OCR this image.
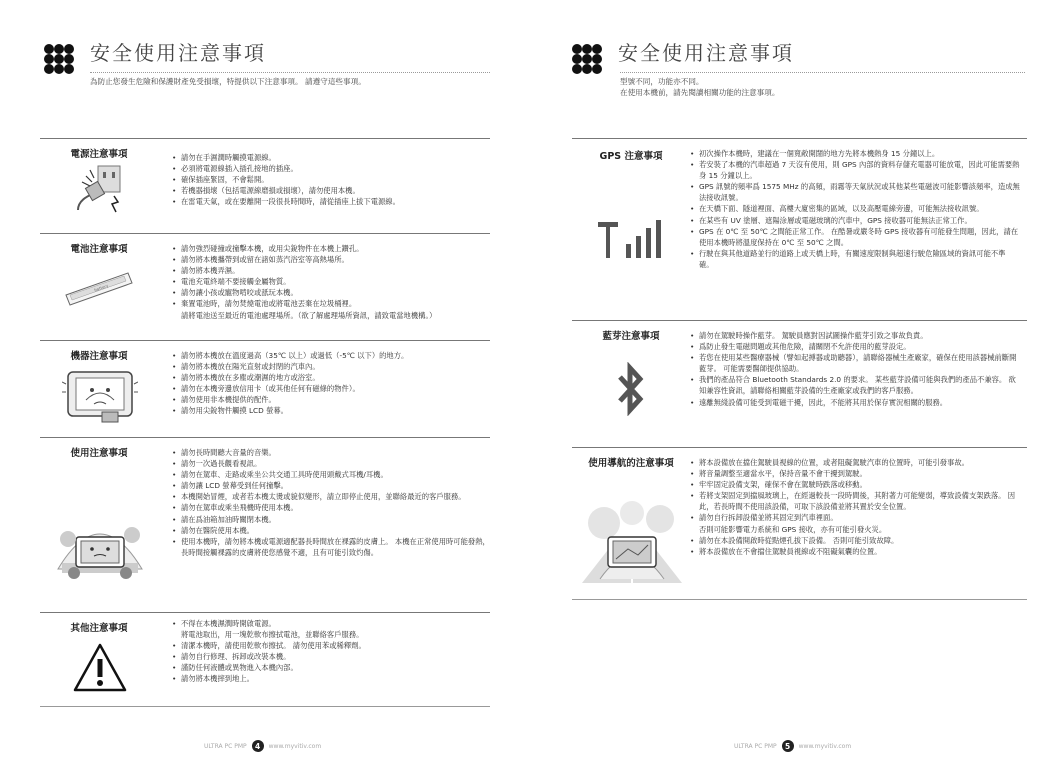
安全使用注意事項
為防止您發生危險和保護財產免受損壞，特提供以下注意事項。 請遵守這些事項。
電源注意事項	• 請勿在手濕潤時觸摸電源線。
• 必須將電源線插入插孔接地的插座。
• 確保插座緊固，不會鬆開。
• 若機器損壞（包括電源線磨損或損壞），請勿使用本機。
• 在雷電天氣，或在要離開一段很長時間時，請從插座上拔下電源線。
電池注意事項
battery
• 請勿強烈碰撞或撞擊本機，或用尖銳物件在本機上鑽孔。
• 請勿將本機攜帶到或留在諸如蒸汽浴室等高熱場所。
• 請勿將本機弄濕。
• 電池充電終端不要接觸金屬物質。
• 請勿讓小孩或寵物啃咬或舐玩本機。
• 棄置電池時，請勿焚燒電池或將電池丟棄在垃圾桶裡。
請將電池送至最近的電池處理場所。（欲了解處理場所資訊，請致電當地機構。）
機器注意事項	• 請勿將本機放在溫度過高（35℃ 以上）或過低（-5℃ 以下）的地方。
• 請勿將本機放在陽光直射或封閉的汽車內。
• 請勿將本機放在多塵或潮濕的地方或浴室。
• 請勿在本機旁邊放信用卡（或其他任何有磁條的物件）。
• 請勿使用非本機提供的配件。
• 請勿用尖銳物件觸摸 LCD 螢幕。
使用注意事項	• 請勿長時間聽大音量的音樂。
• 請勿一次過長觀看視訊。
• 請勿在駕車、走路或乘坐公共交通工具時使用頭戴式耳機/耳機。
• 請勿讓 LCD 螢幕受到任何撞擊。
• 本機開始冒煙，或者若本機太燙或貌似變形，請立即停止使用，並聯絡最近的客戶服務。
• 請勿在駕車或乘坐飛機時使用本機。
• 請在爲油箱加油時關閉本機。
• 請勿在醫院使用本機。
• 使用本機時，請勿將本機或電源適配器長時間放在裸露的皮膚上。 本機在正常使用時可能發熱，長時間接觸裸露的皮膚將使您感覺不適，且有可能引致灼傷。
其他注意事項	• 不得在本機濕潤時開啟電源。
將電池取出，用一塊乾軟布擦拭電池，並聯絡客戶服務。
• 清潔本機時，請使用乾軟布擦拭。 請勿使用苯或稀釋劑。
• 請勿自行修理、拆卸或改裝本機。
• 謹防任何液體或異物進入本機內部。
• 請勿將本機摔到地上。
ULTRA PC PMP	4	www.myvitiv.com
安全使用注意事項
型號不同，功能亦不同。
在使用本機前，請先閱讀相關功能的注意事項。
GPS 注意事項	• 初次操作本機時，建議在一個寬敞開闊的地方先將本機熱身 15 分鐘以上。
• 若安裝了本機的汽車超過 7 天沒有使用，則 GPS 內部的資料存儲充電器可能放電，因此可能需要熱身 15 分鐘以上。
• GPS 訊號的頻率爲 1575 MHz 的高頻，雨霧等天氣狀況或其他某些電磁波可能影響該頻率，造成無法接收訊號。
• 在天橋下面、隧道裡面、高樓大廈密集的區域，以及高壓電線旁邊，可能無法接收訊號。
• 在某些有 UV 塗層、遮陽涂層或電磁玻璃的汽車中，GPS 接收器可能無法正常工作。
• GPS 在 0℃ 至 50℃ 之間能正常工作。 在酷暑或嚴冬時 GPS 接收器有可能發生問題，因此，請在使用本機時將溫度保持在 0℃ 至 50℃ 之間。
• 行駛在與其他道路並行的道路上或天橋上時，有關速度限制與超速行駛危險區域的資訊可能不準確。
藍芽注意事項	• 請勿在駕駛時操作藍芽。 駕駛員應對因試圖操作藍芽引致之事故負責。
• 爲防止發生電磁問題或其他危險，請關閉不允許使用的藍芽設定。
• 若您在使用某些醫療器械（譬如起搏器或助聽器），請聯絡器械生產廠家，確保在使用該器械前斷開藍芽。 可能需要醫師提供協助。
• 我們的產品符合 Bluetooth Standards 2.0 的要求。 某些藍芽設備可能與我們的產品不兼容。 欲知兼容性資訊，請聯絡相關藍芽設備的生產廠家或我們的客戶服務。
• 遠離無綫設備可能受到電磁干擾，因此，不能將其用於保存實況相關的服務。
使用導航的注意事項	• 將本設備放在擋住駕駛員視線的位置，或者阻礙駕駛汽車的位置時，可能引發事故。
• 將音量調整至適當水平，保持音量不會干擾到駕駛。
• 牢牢固定設備支架，確保不會在駕駛時跌落或移動。
• 若將支架固定到擋風玻璃上，在經過較長一段時間後，其附著力可能變弱，導致設備支架跌落。 因此，若長時間不使用該設備，可取下該設備並將其置於安全位置。
• 請勿自行拆卸設備並將其固定到汽車裡面。
否則可能影響電力系統和 GPS 接收，亦有可能引發火災。
• 請勿在本設備開啟時從點煙孔拔下設備。 否則可能引致故障。
• 將本設備放在不會擋住駕駛員視線或不阻礙氣囊的位置。
ULTRA PC PMP	5	www.myvitiv.com
